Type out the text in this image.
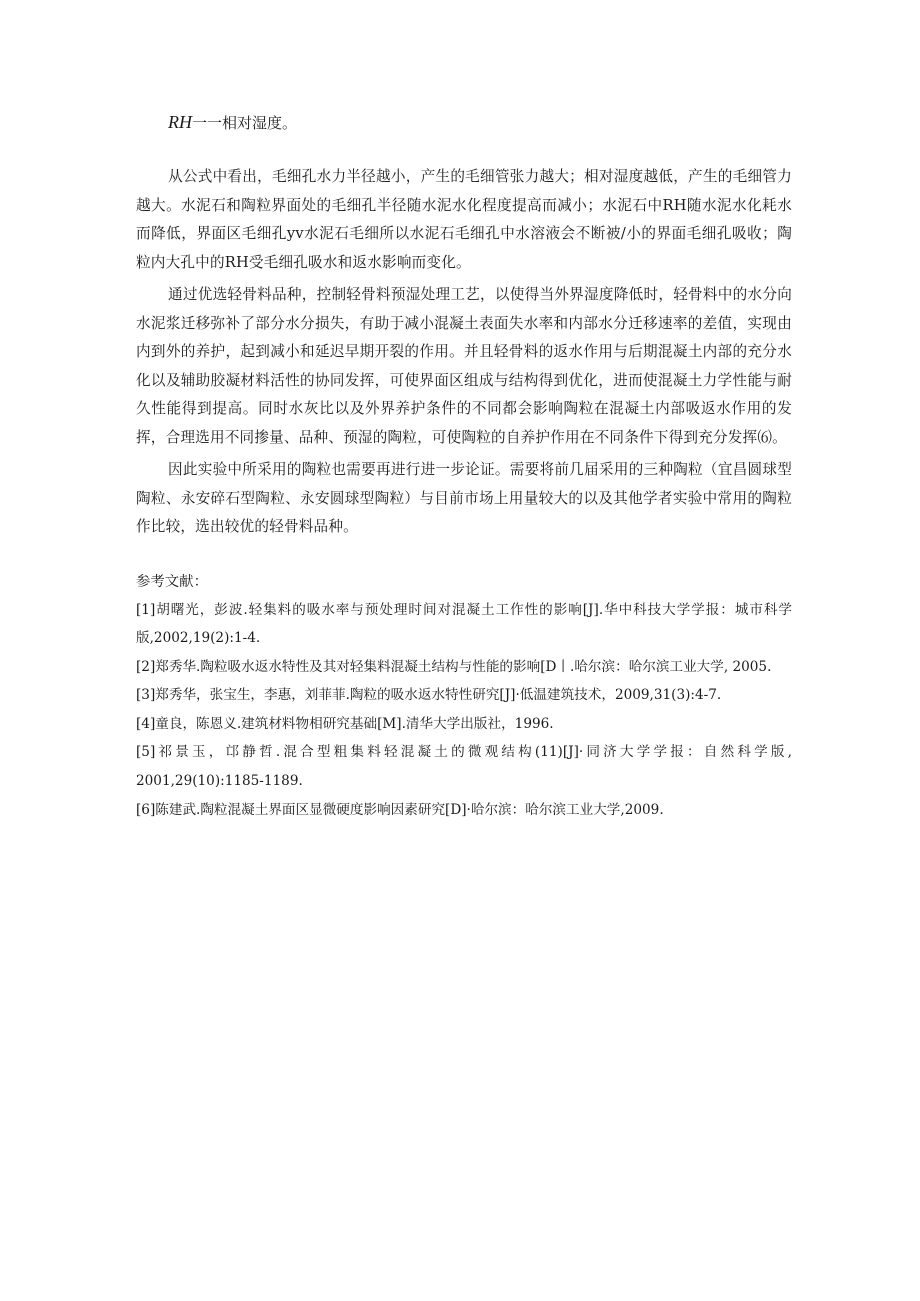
RH一一相对湿度。

从公式中看出，毛细孔水力半径越小，产生的毛细管张力越大；相对湿度越低，产生的毛细管力越大。水泥石和陶粒界面处的毛细孔半径随水泥水化程度提高而减小；水泥石中RH随水泥水化耗水而降低，界面区毛细孔yv水泥石毛细所以水泥石毛细孔中水溶液会不断被/小的界面毛细孔吸收；陶粒内大孔中的RH受毛细孔吸水和返水影响而变化。

通过优选轻骨料品种，控制轻骨料预湿处理工艺，以使得当外界湿度降低时，轻骨料中的水分向水泥浆迁移弥补了部分水分损失，有助于减小混凝土表面失水率和内部水分迁移速率的差值，实现由内到外的养护，起到减小和延迟早期开裂的作用。并且轻骨料的返水作用与后期混凝土内部的充分水化以及辅助胶凝材料活性的协同发挥，可使界面区组成与结构得到优化，进而使混凝土力学性能与耐久性能得到提高。同时水灰比以及外界养护条件的不同都会影响陶粒在混凝土内部吸返水作用的发挥，合理选用不同掺量、品种、预湿的陶粒，可使陶粒的自养护作用在不同条件下得到充分发挥⑹。

因此实验中所采用的陶粒也需要再进行进一步论证。需要将前几届采用的三种陶粒（宜昌圆球型陶粒、永安碎石型陶粒、永安圆球型陶粒）与目前市场上用量较大的以及其他学者实验中常用的陶粒作比较，选出较优的轻骨料品种。

参考文献：
[1]胡曙光，彭波.轻集料的吸水率与预处理时间对混凝土工作性的影响[J].华中科技大学学报：城市科学版,2002,19(2):1-4.
[2]郑秀华.陶粒吸水返水特性及其对轻集料混凝土结构与性能的影响[D丨.哈尔滨：哈尔滨工业大学, 2005.
[3]郑秀华，张宝生，李惠，刘菲菲.陶粒的吸水返水特性研究[J]·低温建筑技术，2009,31(3):4-7.
[4]童良，陈恩义.建筑材料物相研究基础[M].清华大学出版社，1996.
[5]祁景玉，邙静哲.混合型粗集料轻混凝土的微观结构(11)[J]·同济大学学报：自然科学版, 2001,29(10):1185-1189.
[6]陈建武.陶粒混凝土界面区显微硬度影响因素研究[D]·哈尔滨：哈尔滨工业大学,2009.
